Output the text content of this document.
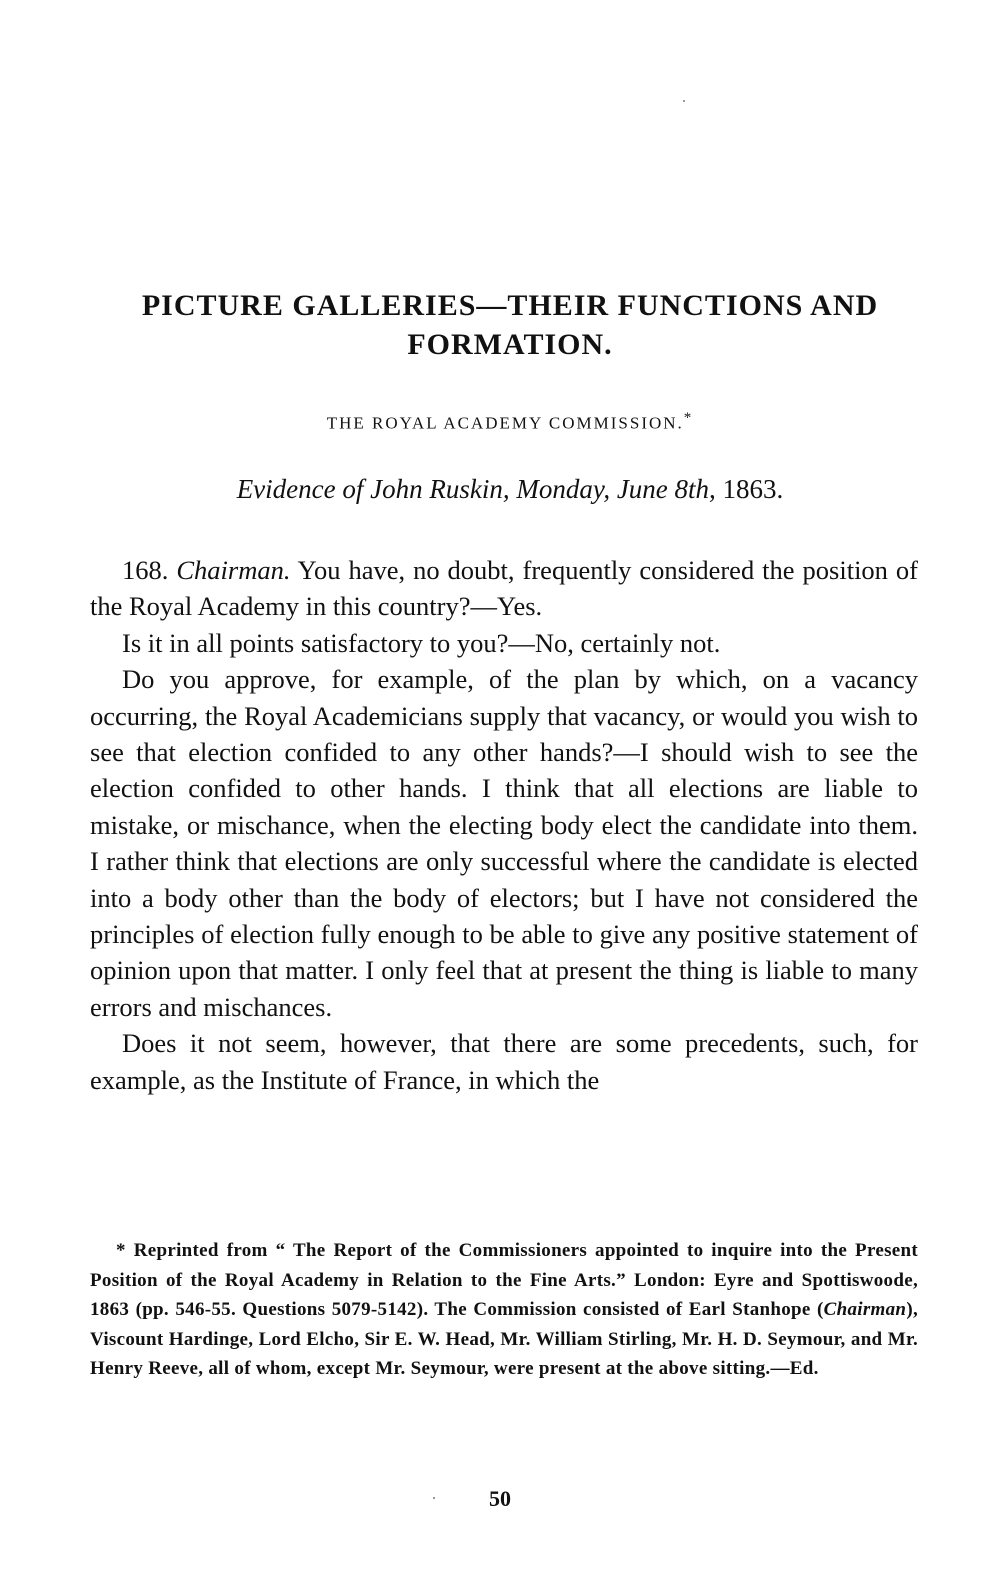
PICTURE GALLERIES—THEIR FUNCTIONS AND
FORMATION.
THE ROYAL ACADEMY COMMISSION.*
Evidence of John Ruskin, Monday, June 8th, 1863.

168. Chairman. You have, no doubt, frequently considered the position of the Royal Academy in this country?—Yes.

Is it in all points satisfactory to you?—No, certainly not.

Do you approve, for example, of the plan by which, on a vacancy occurring, the Royal Academicians supply that vacancy, or would you wish to see that election confided to any other hands?—I should wish to see the election confided to other hands. I think that all elections are liable to mistake, or mischance, when the electing body elect the candidate into them. I rather think that elections are only successful where the candidate is elected into a body other than the body of electors; but I have not considered the principles of election fully enough to be able to give any positive statement of opinion upon that matter. I only feel that at present the thing is liable to many errors and mischances.

Does it not seem, however, that there are some precedents, such, for example, as the Institute of France, in which the

* Reprinted from “ The Report of the Commissioners appointed to inquire into the Present Position of the Royal Academy in Relation to the Fine Arts.” London: Eyre and Spottiswoode, 1863 (pp. 546-55. Questions 5079-5142). The Commission consisted of Earl Stanhope (Chairman), Viscount Hardinge, Lord Elcho, Sir E. W. Head, Mr. William Stirling, Mr. H. D. Seymour, and Mr. Henry Reeve, all of whom, except Mr. Seymour, were present at the above sitting.—Ed.

50
